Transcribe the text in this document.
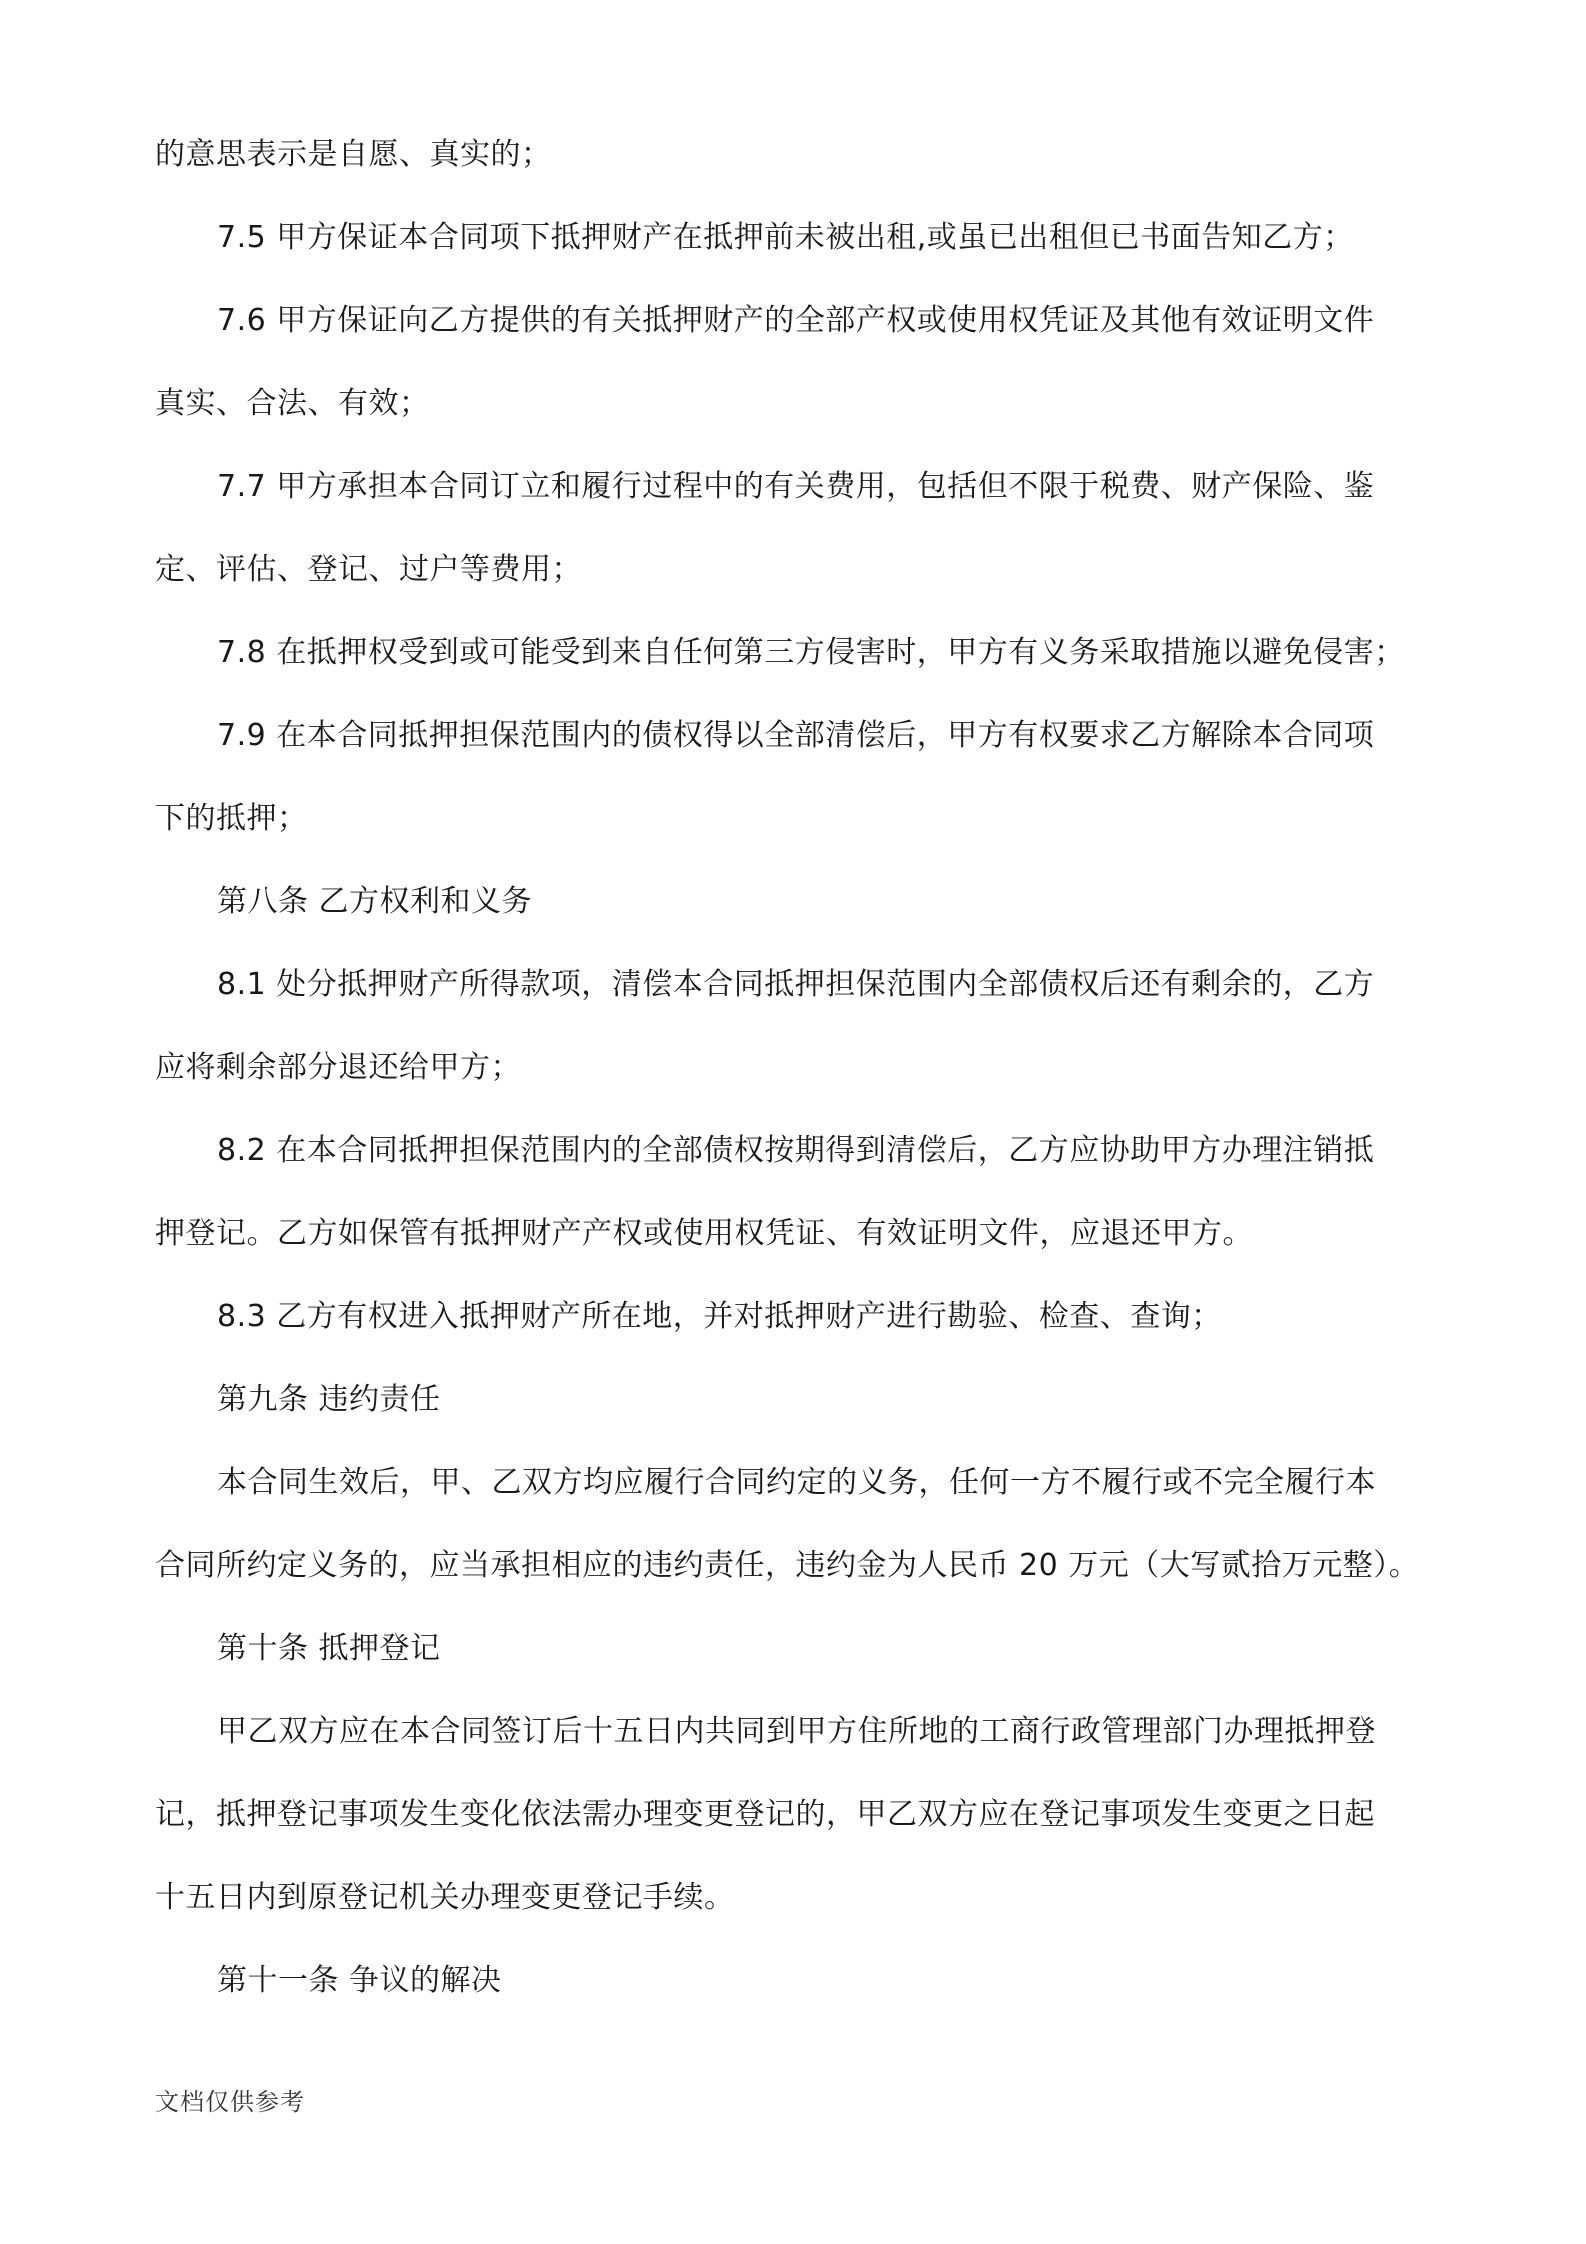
的意思表示是自愿、真实的；
7.5 甲方保证本合同项下抵押财产在抵押前未被出租,或虽已出租但已书面告知乙方；
7.6 甲方保证向乙方提供的有关抵押财产的全部产权或使用权凭证及其他有效证明文件
真实、合法、有效；
7.7 甲方承担本合同订立和履行过程中的有关费用，包括但不限于税费、财产保险、鉴
定、评估、登记、过户等费用；
7.8 在抵押权受到或可能受到来自任何第三方侵害时，甲方有义务采取措施以避免侵害；
7.9 在本合同抵押担保范围内的债权得以全部清偿后，甲方有权要求乙方解除本合同项
下的抵押；
第八条 乙方权利和义务
8.1 处分抵押财产所得款项，清偿本合同抵押担保范围内全部债权后还有剩余的，乙方
应将剩余部分退还给甲方；
8.2 在本合同抵押担保范围内的全部债权按期得到清偿后，乙方应协助甲方办理注销抵
押登记。乙方如保管有抵押财产产权或使用权凭证、有效证明文件，应退还甲方。
8.3 乙方有权进入抵押财产所在地，并对抵押财产进行勘验、检查、查询；
第九条 违约责任
本合同生效后，甲、乙双方均应履行合同约定的义务，任何一方不履行或不完全履行本
合同所约定义务的，应当承担相应的违约责任，违约金为人民币 20 万元（大写贰拾万元整）。
第十条 抵押登记
甲乙双方应在本合同签订后十五日内共同到甲方住所地的工商行政管理部门办理抵押登
记，抵押登记事项发生变化依法需办理变更登记的，甲乙双方应在登记事项发生变更之日起
十五日内到原登记机关办理变更登记手续。
第十一条 争议的解决
文档仅供参考
